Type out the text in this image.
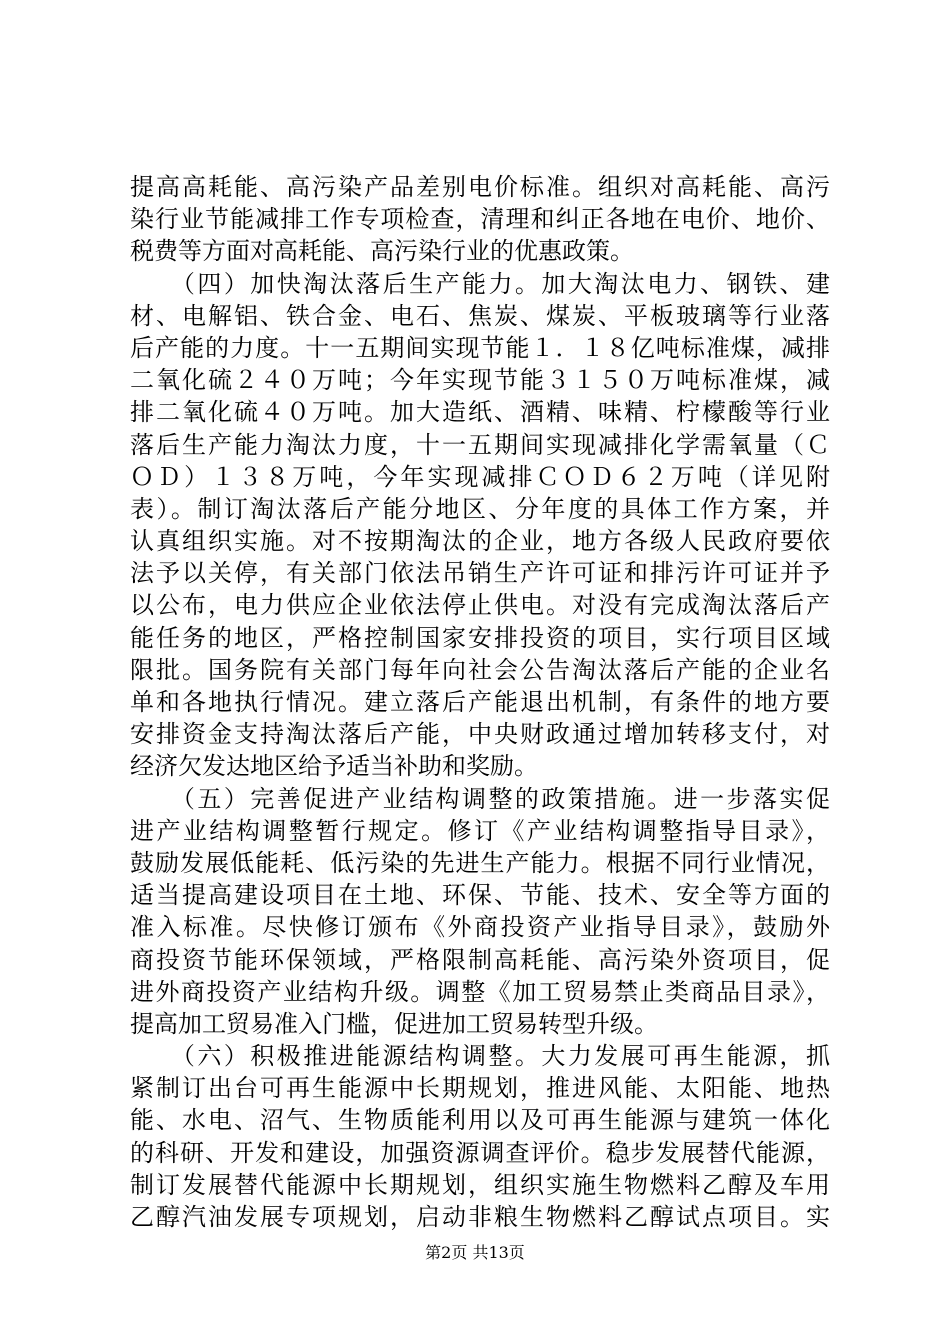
提高高耗能、高污染产品差别电价标准。组织对高耗能、高污
染行业节能减排工作专项检查，清理和纠正各地在电价、地价、
税费等方面对高耗能、高污染行业的优惠政策。
　　（四）加快淘汰落后生产能力。加大淘汰电力、钢铁、建
材、电解铝、铁合金、电石、焦炭、煤炭、平板玻璃等行业落
后产能的力度。十一五期间实现节能１．１８亿吨标准煤，减排
二氧化硫２４０万吨；今年实现节能３１５０万吨标准煤，减
排二氧化硫４０万吨。加大造纸、酒精、味精、柠檬酸等行业
落后生产能力淘汰力度，十一五期间实现减排化学需氧量（Ｃ
ＯＤ）１３８万吨，今年实现减排ＣＯＤ６２万吨（详见附
表）。制订淘汰落后产能分地区、分年度的具体工作方案，并
认真组织实施。对不按期淘汰的企业，地方各级人民政府要依
法予以关停，有关部门依法吊销生产许可证和排污许可证并予
以公布，电力供应企业依法停止供电。对没有完成淘汰落后产
能任务的地区，严格控制国家安排投资的项目，实行项目区域
限批。国务院有关部门每年向社会公告淘汰落后产能的企业名
单和各地执行情况。建立落后产能退出机制，有条件的地方要
安排资金支持淘汰落后产能，中央财政通过增加转移支付，对
经济欠发达地区给予适当补助和奖励。
　　（五）完善促进产业结构调整的政策措施。进一步落实促
进产业结构调整暂行规定。修订《产业结构调整指导目录》，
鼓励发展低能耗、低污染的先进生产能力。根据不同行业情况，
适当提高建设项目在土地、环保、节能、技术、安全等方面的
准入标准。尽快修订颁布《外商投资产业指导目录》，鼓励外
商投资节能环保领域，严格限制高耗能、高污染外资项目，促
进外商投资产业结构升级。调整《加工贸易禁止类商品目录》，
提高加工贸易准入门槛，促进加工贸易转型升级。
　　（六）积极推进能源结构调整。大力发展可再生能源，抓
紧制订出台可再生能源中长期规划，推进风能、太阳能、地热
能、水电、沼气、生物质能利用以及可再生能源与建筑一体化
的科研、开发和建设，加强资源调查评价。稳步发展替代能源，
制订发展替代能源中长期规划，组织实施生物燃料乙醇及车用
乙醇汽油发展专项规划，启动非粮生物燃料乙醇试点项目。实
第2页 共13页
